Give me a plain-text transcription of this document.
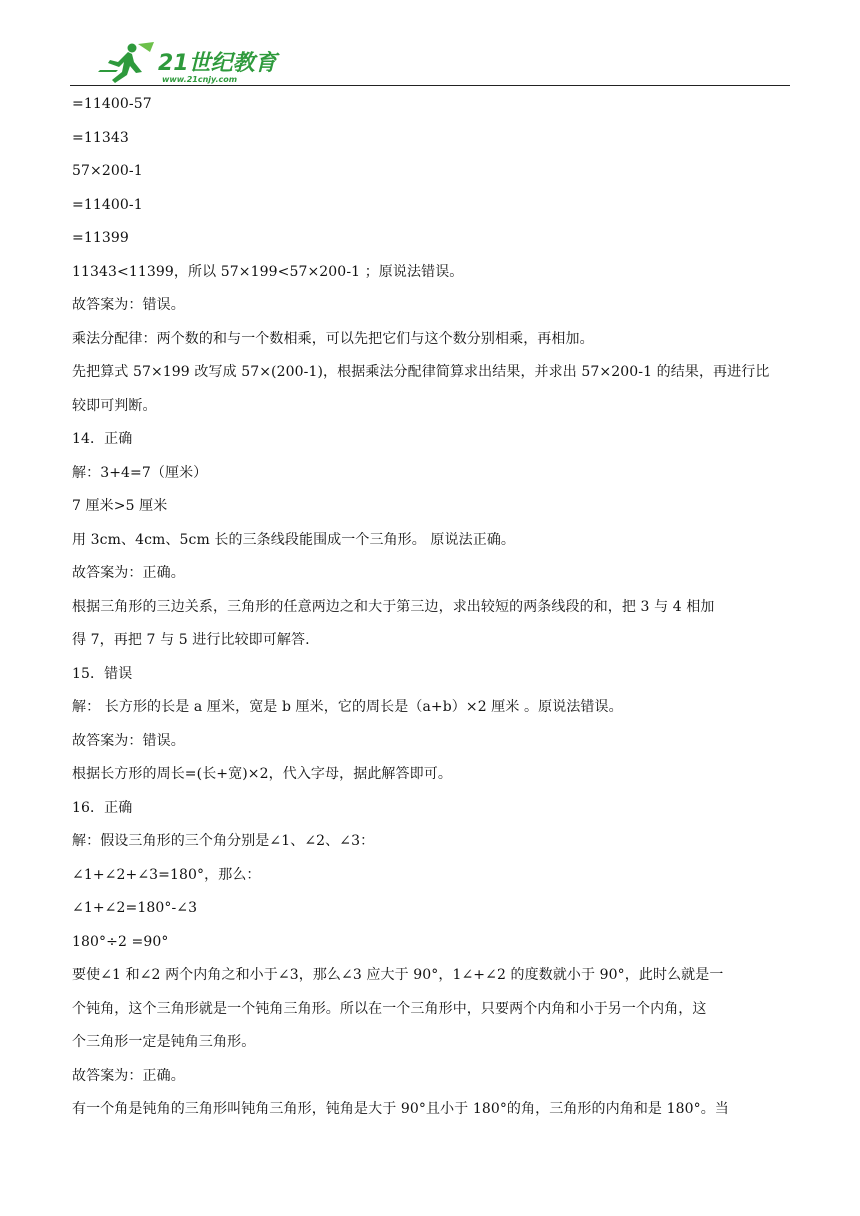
21世纪教育
www.21cnjy.com
=11400-57
=11343
57×200-1
=11400-1
=11399
11343<11399，所以 57×199<57×200-1 ；原说法错误。
故答案为：错误。
乘法分配律：两个数的和与一个数相乘，可以先把它们与这个数分别相乘，再相加。
先把算式 57×199 改写成 57×(200-1)，根据乘法分配律简算求出结果，并求出 57×200-1 的结果，再进行比
较即可判断。
14．正确
解：3+4=7（厘米）
7 厘米>5 厘米
用 3cm、4cm、5cm 长的三条线段能围成一个三角形。 原说法正确。
故答案为：正确。
根据三角形的三边关系，三角形的任意两边之和大于第三边，求出较短的两条线段的和，把 3 与 4 相加
得 7，再把 7 与 5 进行比较即可解答.
15．错误
解： 长方形的长是 a 厘米，宽是 b 厘米，它的周长是（a+b）×2 厘米 。原说法错误。
故答案为：错误。
根据长方形的周长=(长+宽)×2，代入字母，据此解答即可。
16．正确
解：假设三角形的三个角分别是∠1、∠2、∠3：
∠1+∠2+∠3=180°，那么：
∠1+∠2=180°-∠3
180°÷2 =90°
要使∠1 和∠2 两个内角之和小于∠3，那么∠3 应大于 90°，1∠+∠2 的度数就小于 90°，此时么就是一
个钝角，这个三角形就是一个钝角三角形。所以在一个三角形中，只要两个内角和小于另一个内角，这
个三角形一定是钝角三角形。
故答案为：正确。
有一个角是钝角的三角形叫钝角三角形，钝角是大于 90°且小于 180°的角，三角形的内角和是 180°。当
